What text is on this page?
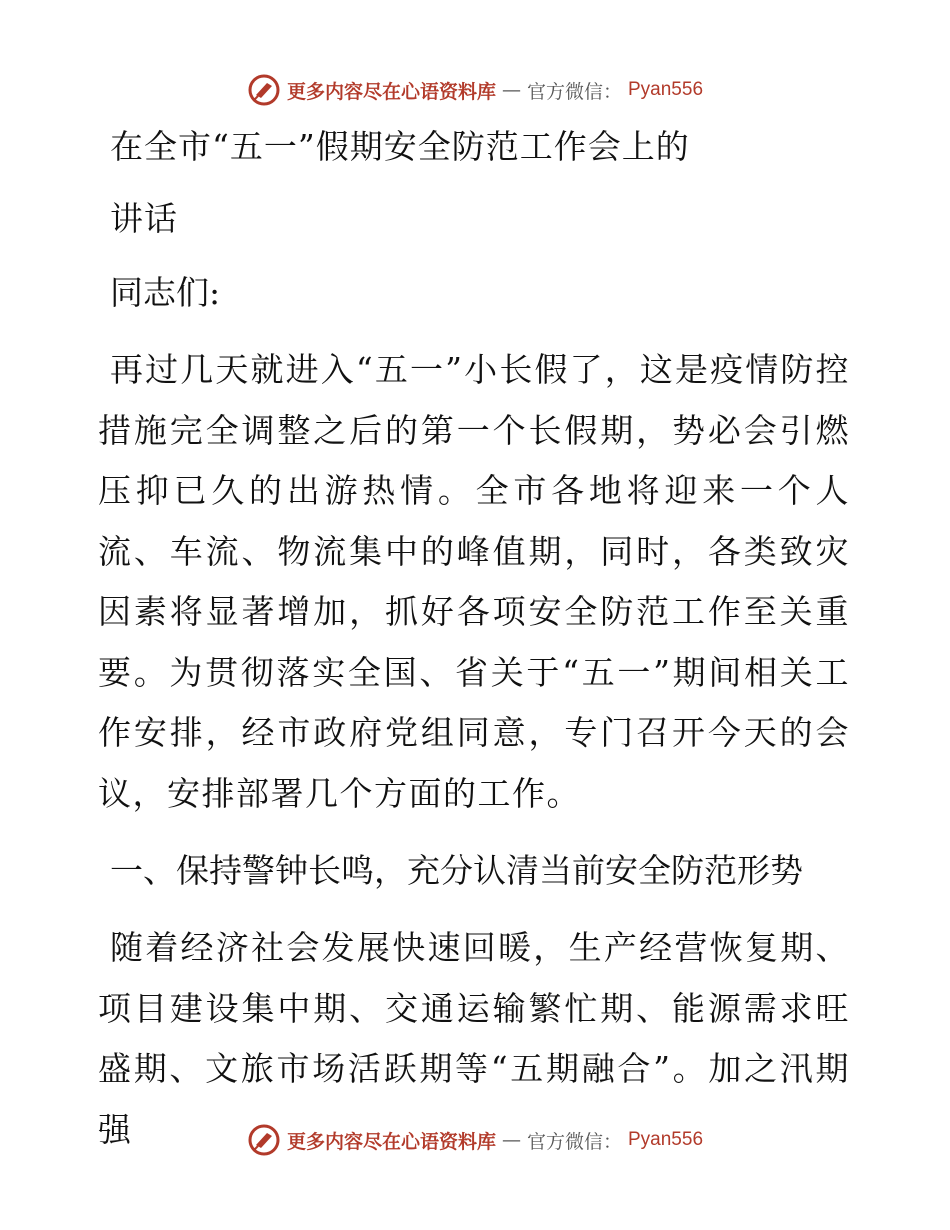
更多内容尽在心语资料库 — 官方微信： Pyan556
在全市“五一”假期安全防范工作会上的
讲话

同志们:

再过几天就进入“五一”小长假了，这是疫情防控措施完全调整之后的第一个长假期，势必会引燃压抑已久的出游热情。全市各地将迎来一个人流、车流、物流集中的峰值期，同时，各类致灾因素将显著增加，抓好各项安全防范工作至关重要。为贯彻落实全国、省关于“五一”期间相关工作安排，经市政府党组同意，专门召开今天的会议，安排部署几个方面的工作。

一、保持警钟长鸣，充分认清当前安全防范形势

随着经济社会发展快速回暖，生产经营恢复期、项目建设集中期、交通运输繁忙期、能源需求旺盛期、文旅市场活跃期等“五期融合”。加之汛期强	更多内容尽在心语资料库 — 官方微信： Pyan556
